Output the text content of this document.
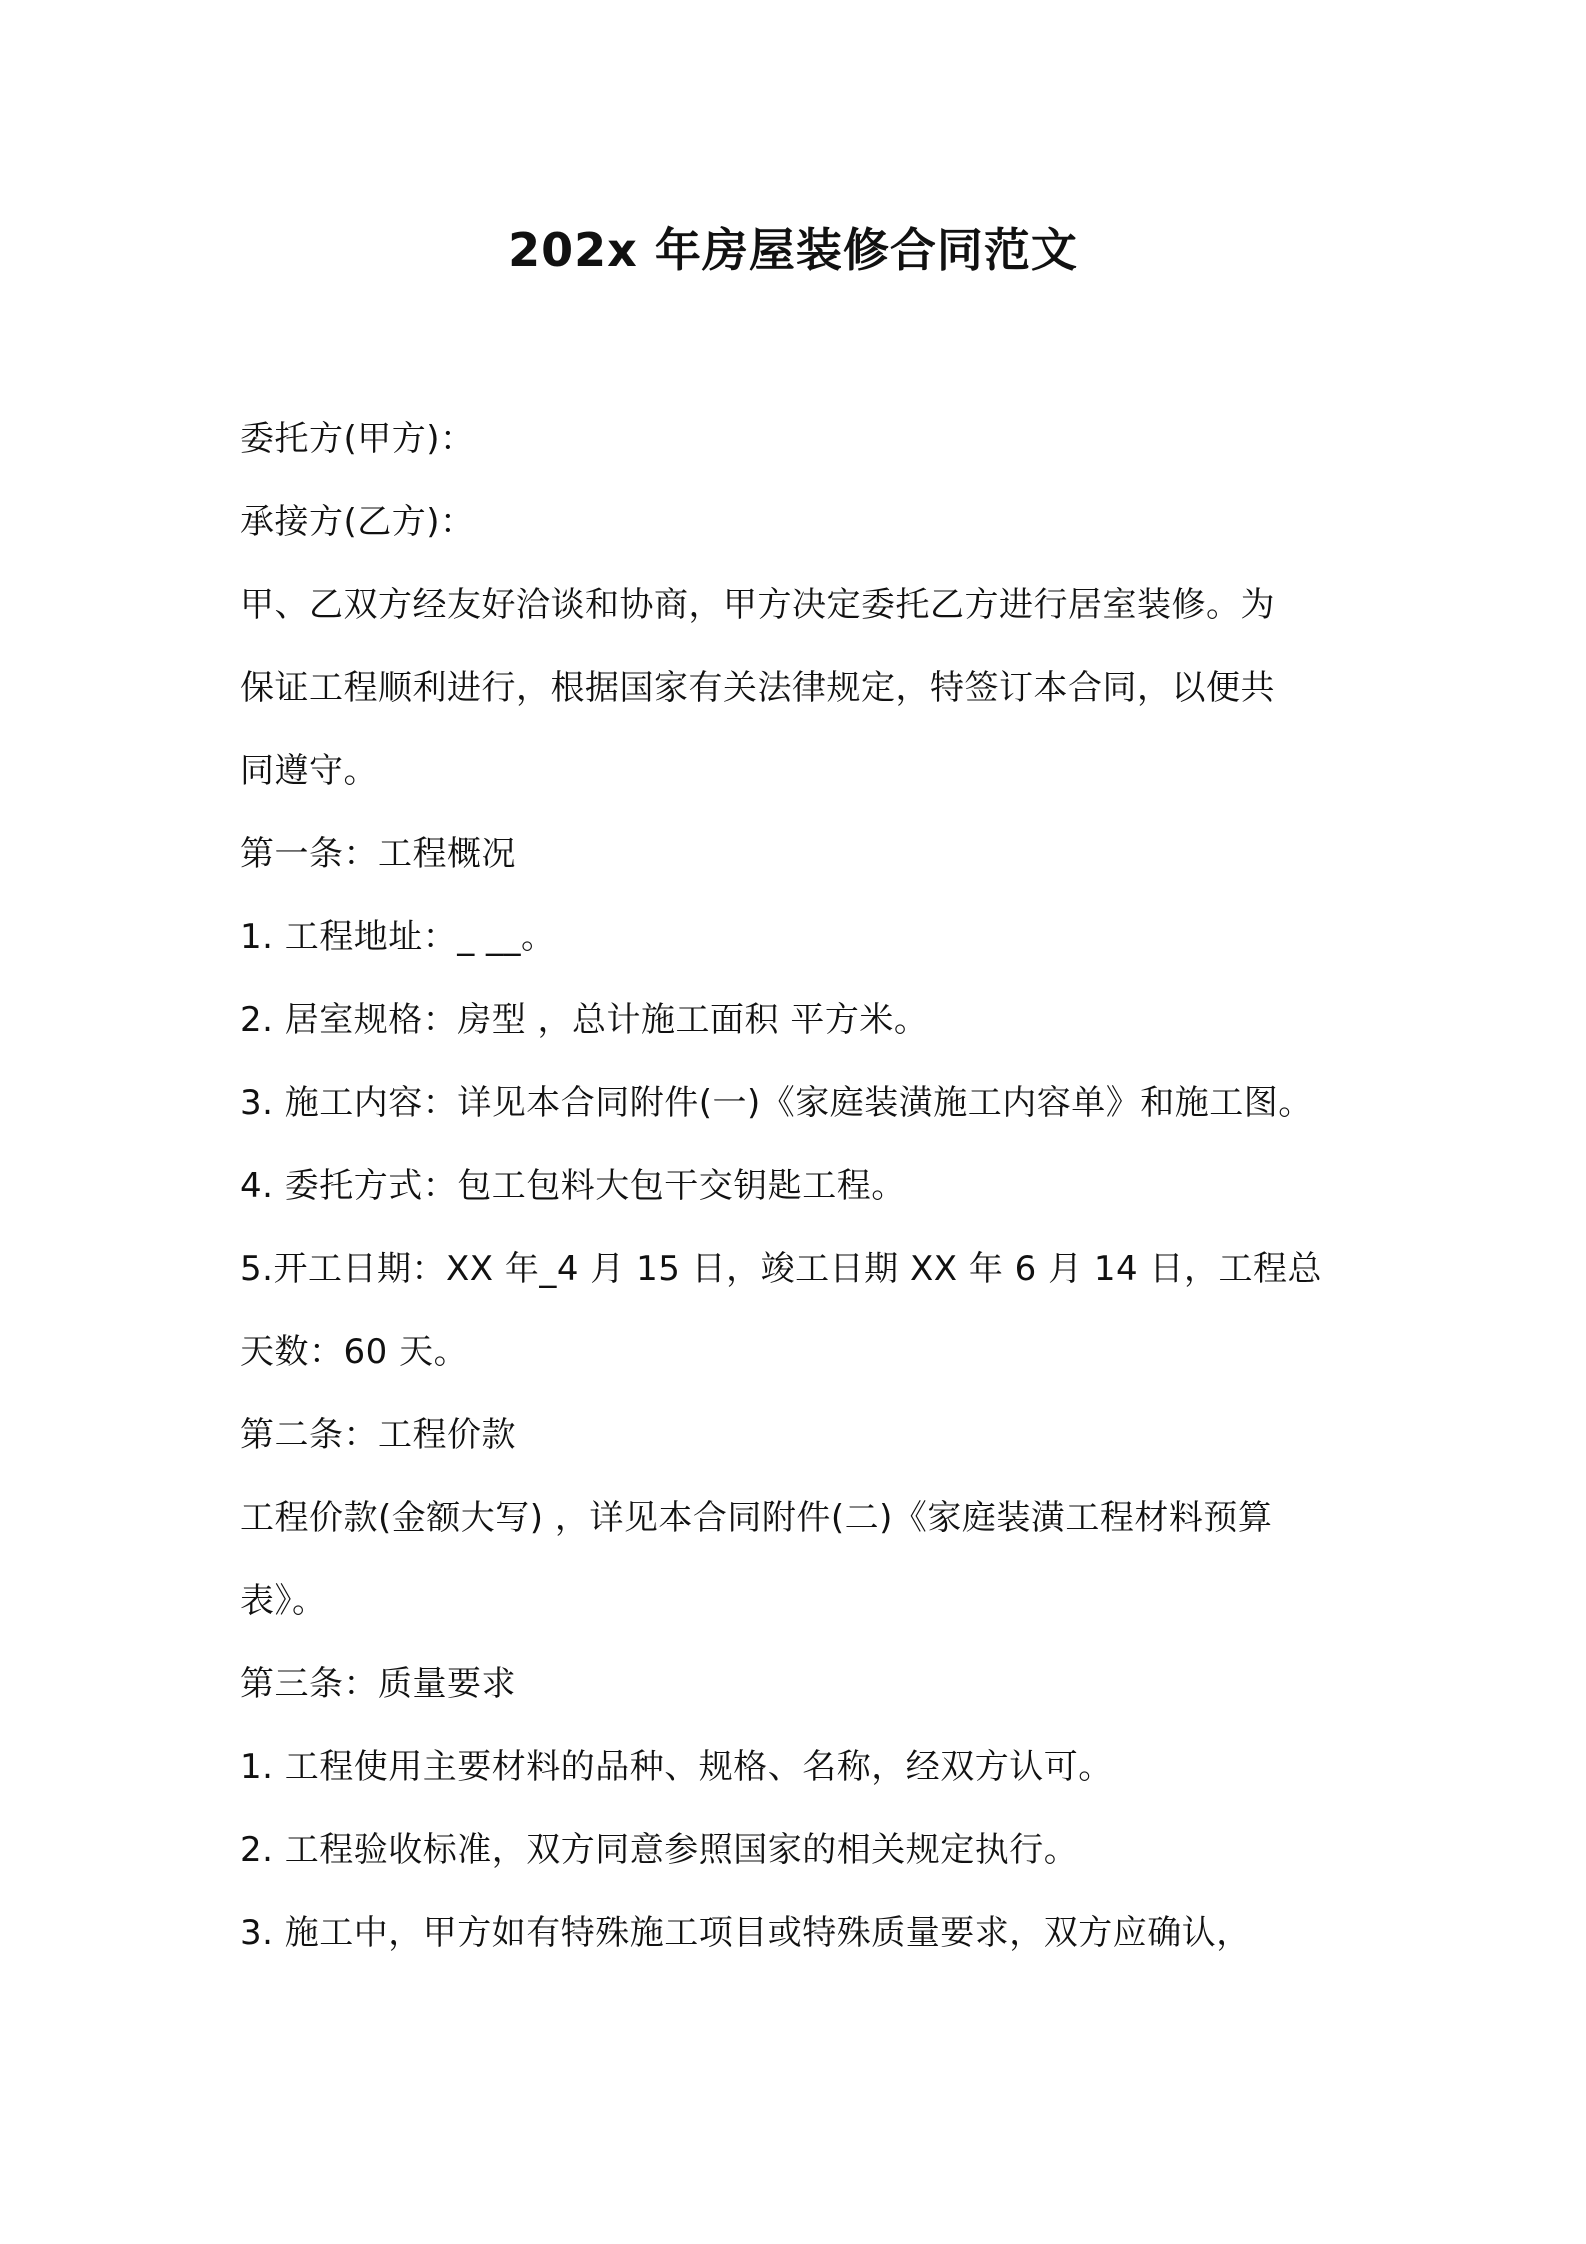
202x 年房屋装修合同范文
委托方(甲方)：
承接方(乙方)：
甲、乙双方经友好洽谈和协商，甲方决定委托乙方进行居室装修。为
保证工程顺利进行，根据国家有关法律规定，特签订本合同，以便共
同遵守。
第一条：工程概况
1. 工程地址：_ __。
2. 居室规格：房型 ，总计施工面积 平方米。
3. 施工内容：详见本合同附件(一)《家庭装潢施工内容单》和施工图。
4. 委托方式：包工包料大包干交钥匙工程。
5.开工日期：XX 年_4 月 15 日，竣工日期 XX 年 6 月 14 日，工程总
天数：60 天。
第二条：工程价款
工程价款(金额大写) ，详见本合同附件(二)《家庭装潢工程材料预算
表》。
第三条：质量要求
1. 工程使用主要材料的品种、规格、名称，经双方认可。
2. 工程验收标准，双方同意参照国家的相关规定执行。
3. 施工中，甲方如有特殊施工项目或特殊质量要求，双方应确认，
